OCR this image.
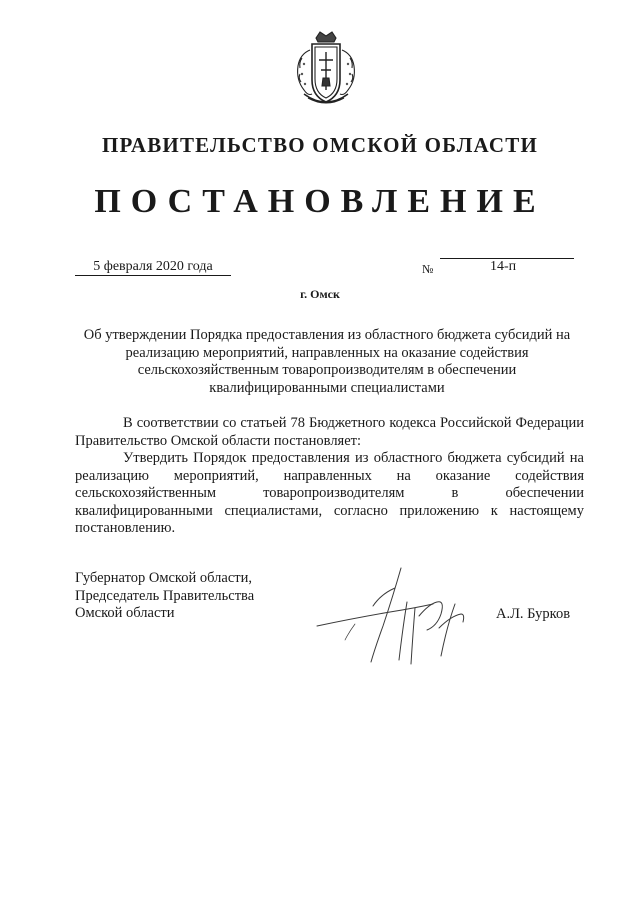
ПРАВИТЕЛЬСТВО ОМСКОЙ ОБЛАСТИ
ПОСТАНОВЛЕНИЕ
5 февраля 2020 года	№	14-п
г. Омск
Об утверждении Порядка предоставления из областного бюджета субсидий на реализацию мероприятий, направленных на оказание содействия сельскохозяйственным товаропроизводителям в обеспечении квалифицированными специалистами

В соответствии со статьей 78 Бюджетного кодекса Российской Федерации Правительство Омской области постановляет:

Утвердить Порядок предоставления из областного бюджета субсидий на реализацию мероприятий, направленных на оказание содействия сельскохозяйственным товаропроизводителям в обеспечении квалифицированными специалистами, согласно приложению к настоящему постановлению.

Губернатор Омской области,
Председатель Правительства
Омской области	А.Л. Бурков
